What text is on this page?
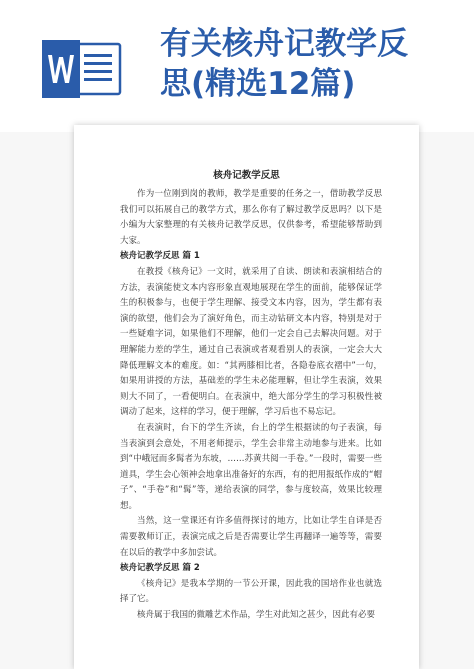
有关核舟记教学反
思(精选12篇)
核舟记教学反思

作为一位刚到岗的教师，教学是重要的任务之一，借助教学反思我们可以拓展自己的教学方式，那么你有了解过教学反思吗？以下是小编为大家整理的有关核舟记教学反思，仅供参考，希望能够帮助到大家。

核舟记教学反思 篇 1

在教授《核舟记》一文时，就采用了自读、朗读和表演相结合的方法，表演能使文本内容形象直观地展现在学生的面前，能够保证学生的积极参与，也便于学生理解、接受文本内容，因为，学生都有表演的欲望，他们会为了演好角色，而主动钻研文本内容，特别是对于一些疑难字词，如果他们不理解，他们一定会自己去解决问题。对于理解能力差的学生，通过自己表演或者观看别人的表演，一定会大大降低理解文本的难度。如：“其两膝相比者，各隐卷底衣褶中”一句，如果用讲授的方法，基础差的学生未必能理解，但让学生表演，效果则大不同了，一看便明白。在表演中，绝大部分学生的学习积极性被调动了起来，这样的学习，便于理解，学习后也不易忘记。

在表演时，台下的学生齐读，台上的学生根据读的句子表演，每当表演到会意处，不用老师提示，学生会非常主动地参与进来。比如到“中峨冠而多髯者为东坡，……苏黄共阅一手卷。”一段时，需要一些道具，学生会心领神会地拿出准备好的东西，有的把用报纸作成的“帽子”、“手卷”和“髯”等，递给表演的同学，参与度较高，效果比较理想。

当然，这一堂课还有许多值得探讨的地方，比如让学生自译是否需要教师订正，表演完成之后是否需要让学生再翻译一遍等等，需要在以后的教学中多加尝试。

核舟记教学反思 篇 2

《核舟记》是我本学期的一节公开课，因此我的国培作业也就选择了它。

核舟属于我国的微雕艺术作品，学生对此知之甚少，因此有必要
